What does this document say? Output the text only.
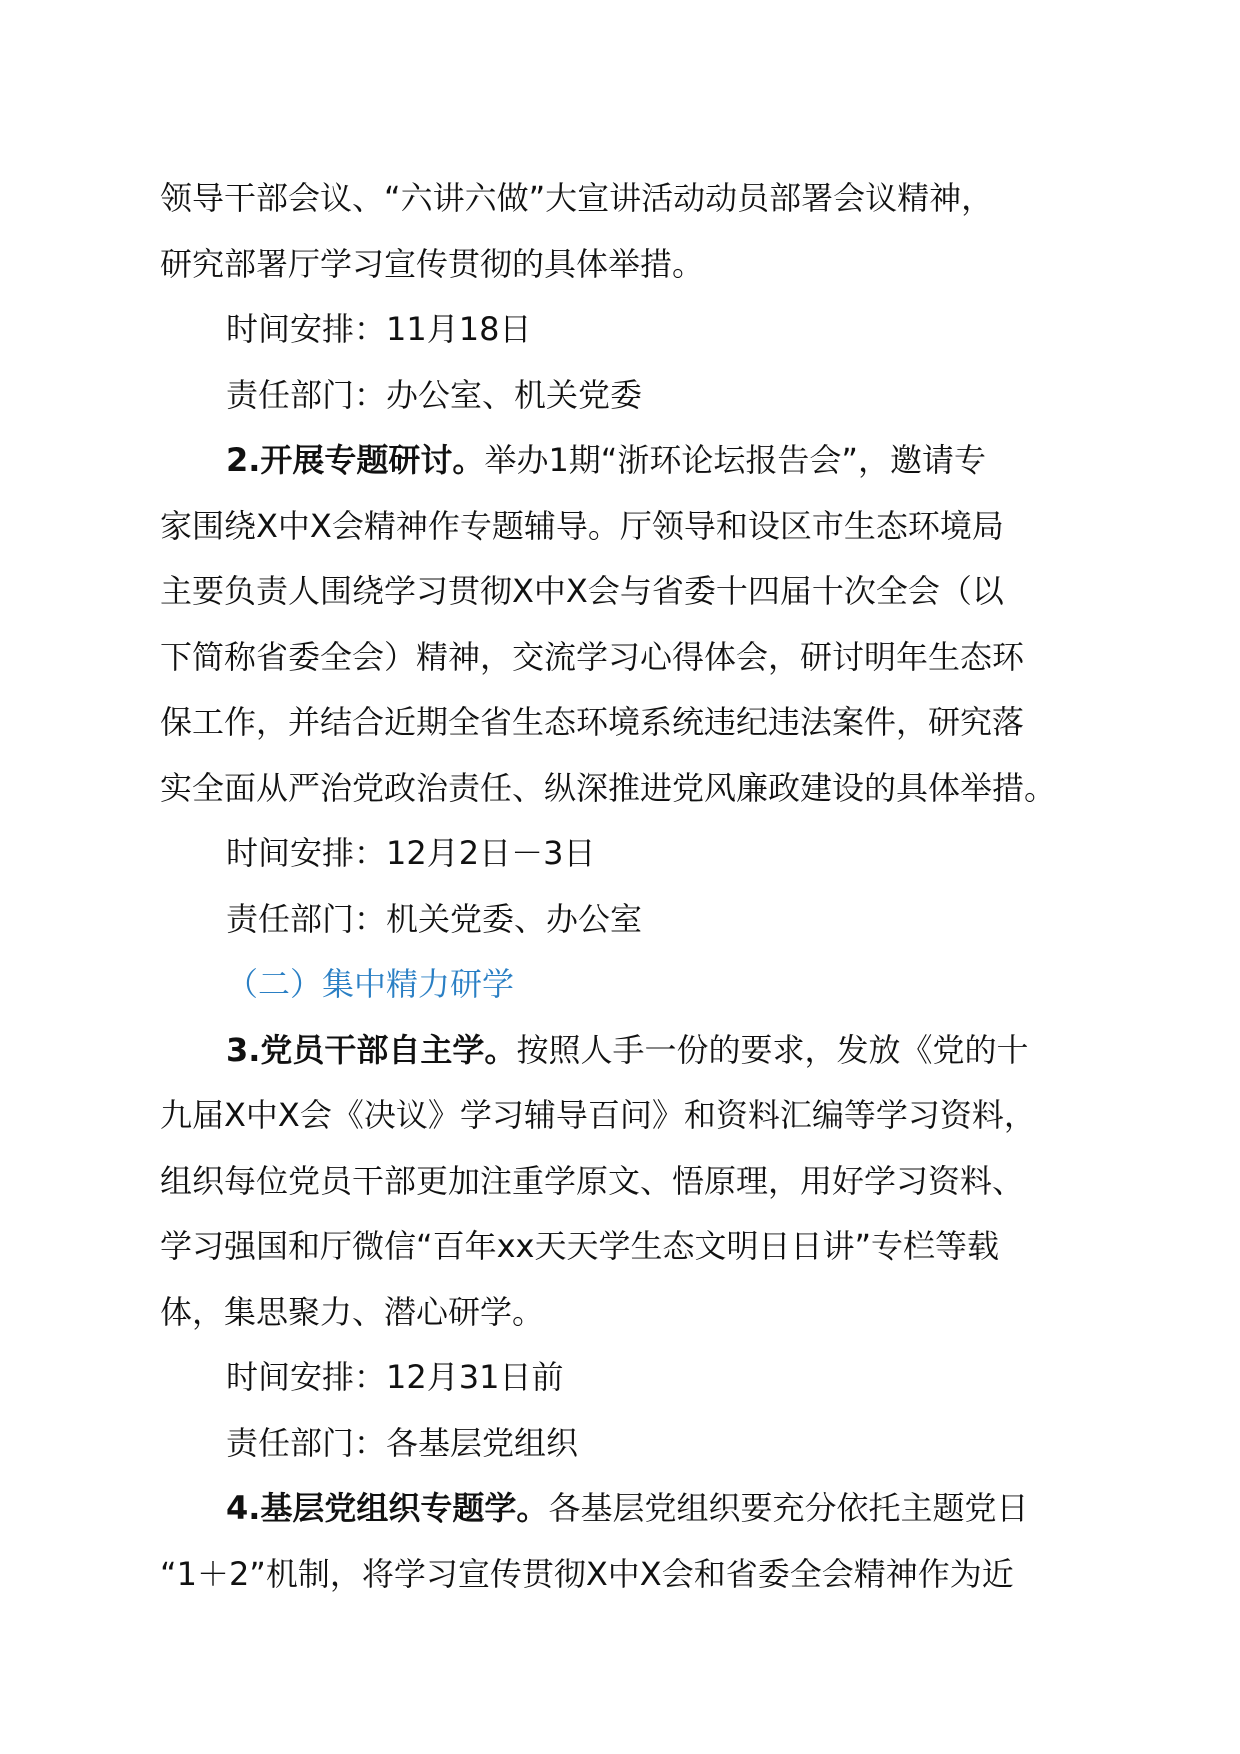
领导干部会议、“六讲六做”大宣讲活动动员部署会议精神，
研究部署厅学习宣传贯彻的具体举措。
时间安排：11月18日
责任部门：办公室、机关党委
2.开展专题研讨。举办1期“浙环论坛报告会”，邀请专
家围绕X中X会精神作专题辅导。厅领导和设区市生态环境局
主要负责人围绕学习贯彻X中X会与省委十四届十次全会（以
下简称省委全会）精神，交流学习心得体会，研讨明年生态环
保工作，并结合近期全省生态环境系统违纪违法案件，研究落
实全面从严治党政治责任、纵深推进党风廉政建设的具体举措。
时间安排：12月2日－3日
责任部门：机关党委、办公室
（二）集中精力研学
3.党员干部自主学。按照人手一份的要求，发放《党的十
九届X中X会《决议》学习辅导百问》和资料汇编等学习资料，
组织每位党员干部更加注重学原文、悟原理，用好学习资料、
学习强国和厅微信“百年xx天天学生态文明日日讲”专栏等载
体，集思聚力、潜心研学。
时间安排：12月31日前
责任部门：各基层党组织
4.基层党组织专题学。各基层党组织要充分依托主题党日
“1＋2”机制，将学习宣传贯彻X中X会和省委全会精神作为近
